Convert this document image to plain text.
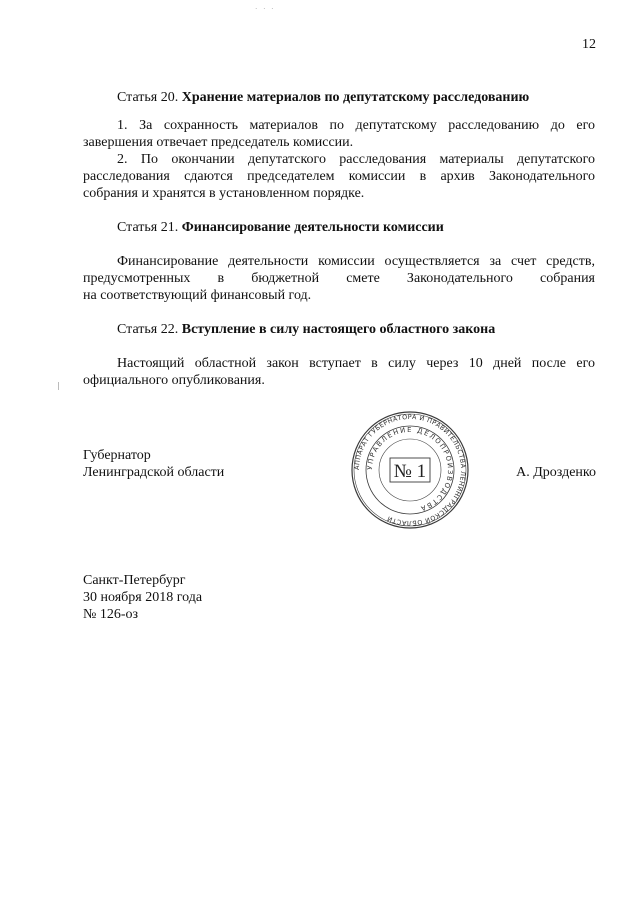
· · ·
12
Статья 20. Хранение материалов по депутатскому расследованию
1. За сохранность материалов по депутатскому расследованию до его
завершения отвечает председатель комиссии.
2. По окончании депутатского расследования материалы депутатского
расследования сдаются председателем комиссии в архив Законодательного
собрания и хранятся в установленном порядке.
Статья 21. Финансирование деятельности комиссии
Финансирование деятельности комиссии осуществляется за счет средств,
предусмотренных в бюджетной смете Законодательного собрания
на соответствующий финансовый год.
Статья 22. Вступление в силу настоящего областного закона
Настоящий областной закон вступает в силу через 10 дней после его
официального опубликования.
Губернатор
Ленинградской области	АППАРАТ ГУБЕРНАТОРА И ПРАВИТЕЛЬСТВА ЛЕНИНГРАДСКОЙ ОБЛАСТИ
УПРАВЛЕНИЕ ДЕЛОПРОИЗВОДСТВА
№ 1	А. Дрозденко
Санкт-Петербург
30 ноября 2018 года
№ 126-оз
